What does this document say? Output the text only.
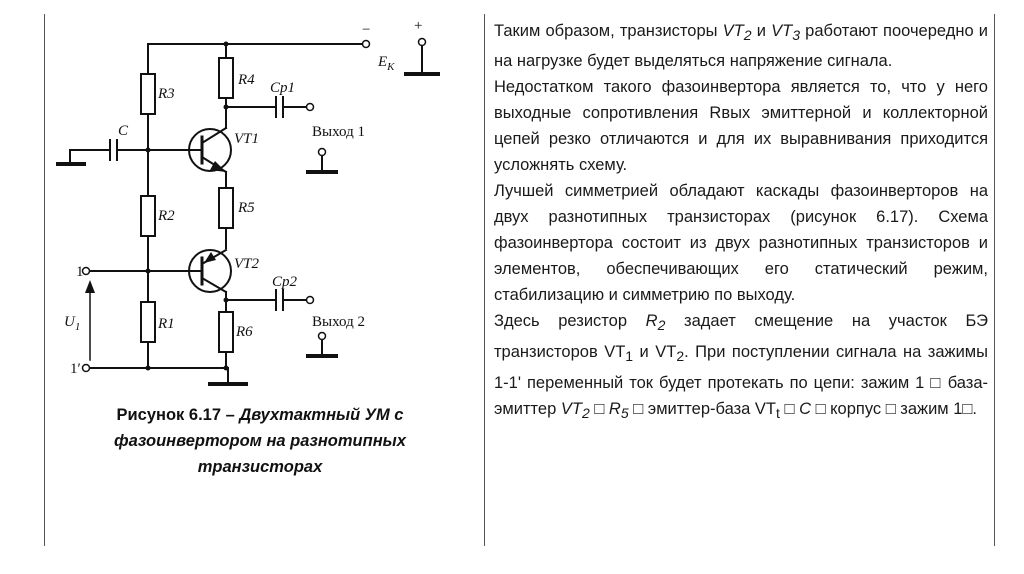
−	+
$E_К$
R3
R4 Cр1
C	VT1	Выход 1
R2	R5
1	VT2
Cр2
$U_1$	R1	R6
Выход 2
1′
Рисунок 6.17 – Двухтактный УМ с фазоинвертором на разнотипных транзисторах

Таким образом, транзисторы $VT_2$ и $VT_3$ работают поочередно и на нагрузке будет выделяться напряжение сигнала.

Недостатком такого фазоинвертора является то, что у него выходные сопротивления Rвых эмиттерной и коллекторной цепей резко отличаются и для их выравнивания приходится усложнять схему.

Лучшей симметрией обладают каскады фазоинверторов на двух разнотипных транзисторах (рисунок 6.17). Схема фазоинвертора состоит из двух разнотипных транзисторов и элементов, обеспечивающих его статический режим, стабилизацию и симметрию по выходу.

Здесь резистор $R_2$ задает смещение на участок БЭ транзисторов $VT_1$ и $VT_2$. При поступлении сигнала на зажимы 1-1' переменный ток будет протекать по цепи: зажим 1 □ база-эмиттер $VT_2$ □ $R_5$ □ эмиттер-база $VT_t$ □ C □ корпус □ зажим 1□.
